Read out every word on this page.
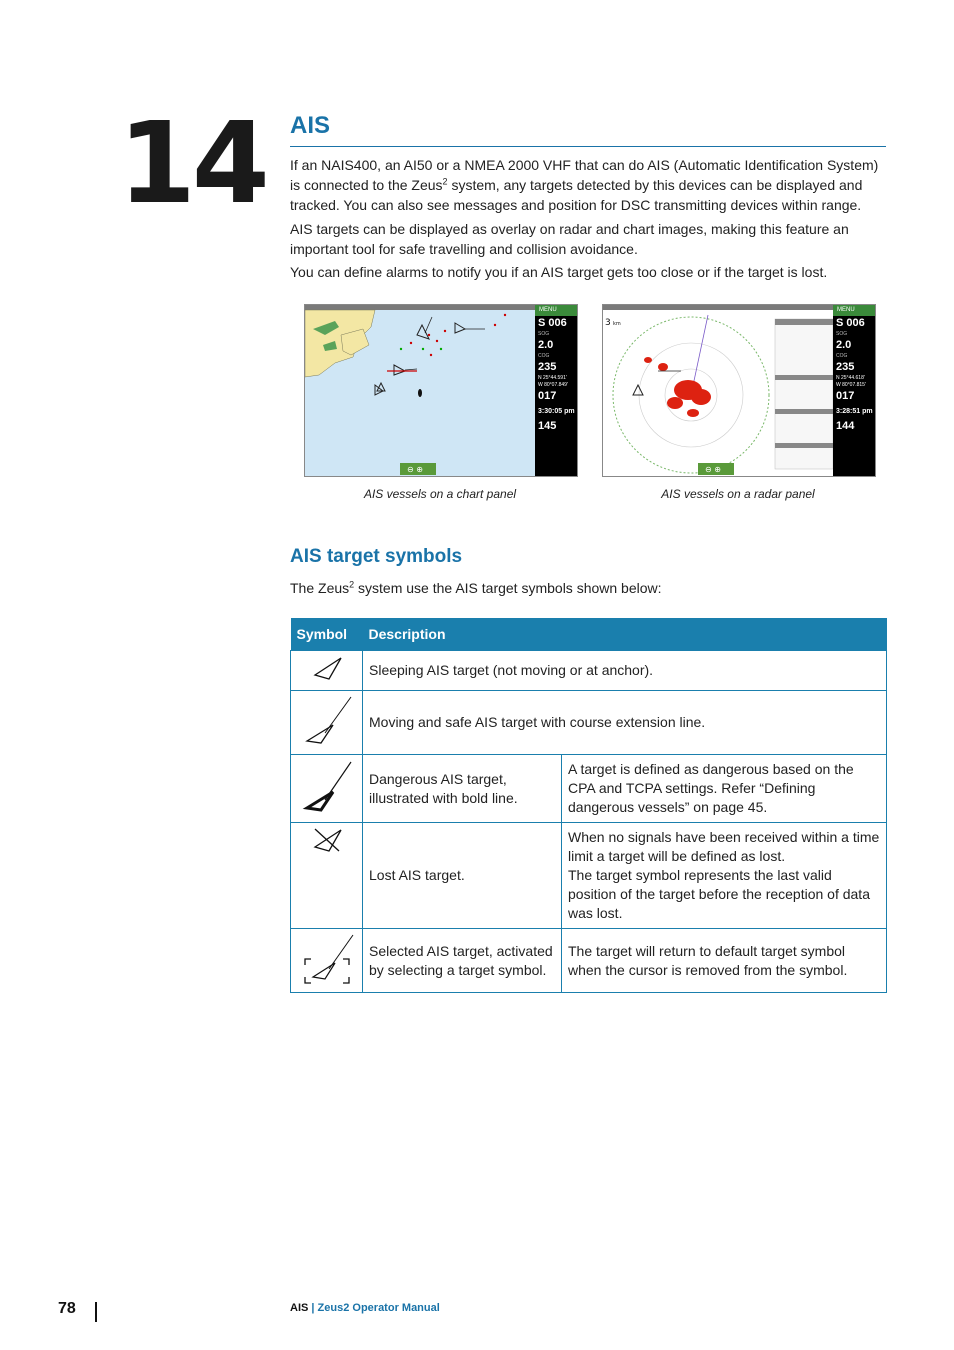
14 AIS

If an NAIS400, an AI50 or a NMEA 2000 VHF that can do AIS (Automatic Identification System) is connected to the Zeus$^2$ system, any targets detected by this devices can be displayed and tracked. You can also see messages and position for DSC transmitting devices within range.

AIS targets can be displayed as overlay on radar and chart images, making this feature an important tool for safe travelling and collision avoidance.

You can define alarms to notify you if an AIS target gets too close or if the target is lost.

⊖ ⊕
MENU
S 006
SOG
2.0
COG
235
N 25°44.591'
W 80°07.849'
017
3:30:05 pm
145
AIS vessels on a chart panel
3 km
⊖ ⊕
MENU
S 006
SOG
2.0
COG
235
N 25°44.618'
W 80°07.815'
017
3:28:51 pm
144
AIS vessels on a radar panel
AIS target symbols

The Zeus$^2$ system use the AIS target symbols shown below:

Symbol	Description	
	Sleeping AIS target (not moving or at anchor).	
	Moving and safe AIS target with course extension line.	
	Dangerous AIS target, illustrated with bold line.	A target is defined as dangerous based on the CPA and TCPA settings. Refer “Defining dangerous vessels” on page 45.
	Lost AIS target.	When no signals have been received within a time limit a target will be defined as lost.
The target symbol represents the last valid position of the target before the reception of data was lost.
	Selected AIS target, activated by selecting a target symbol.	The target will return to default target symbol when the cursor is removed from the symbol.
78	AIS | Zeus2 Operator Manual
